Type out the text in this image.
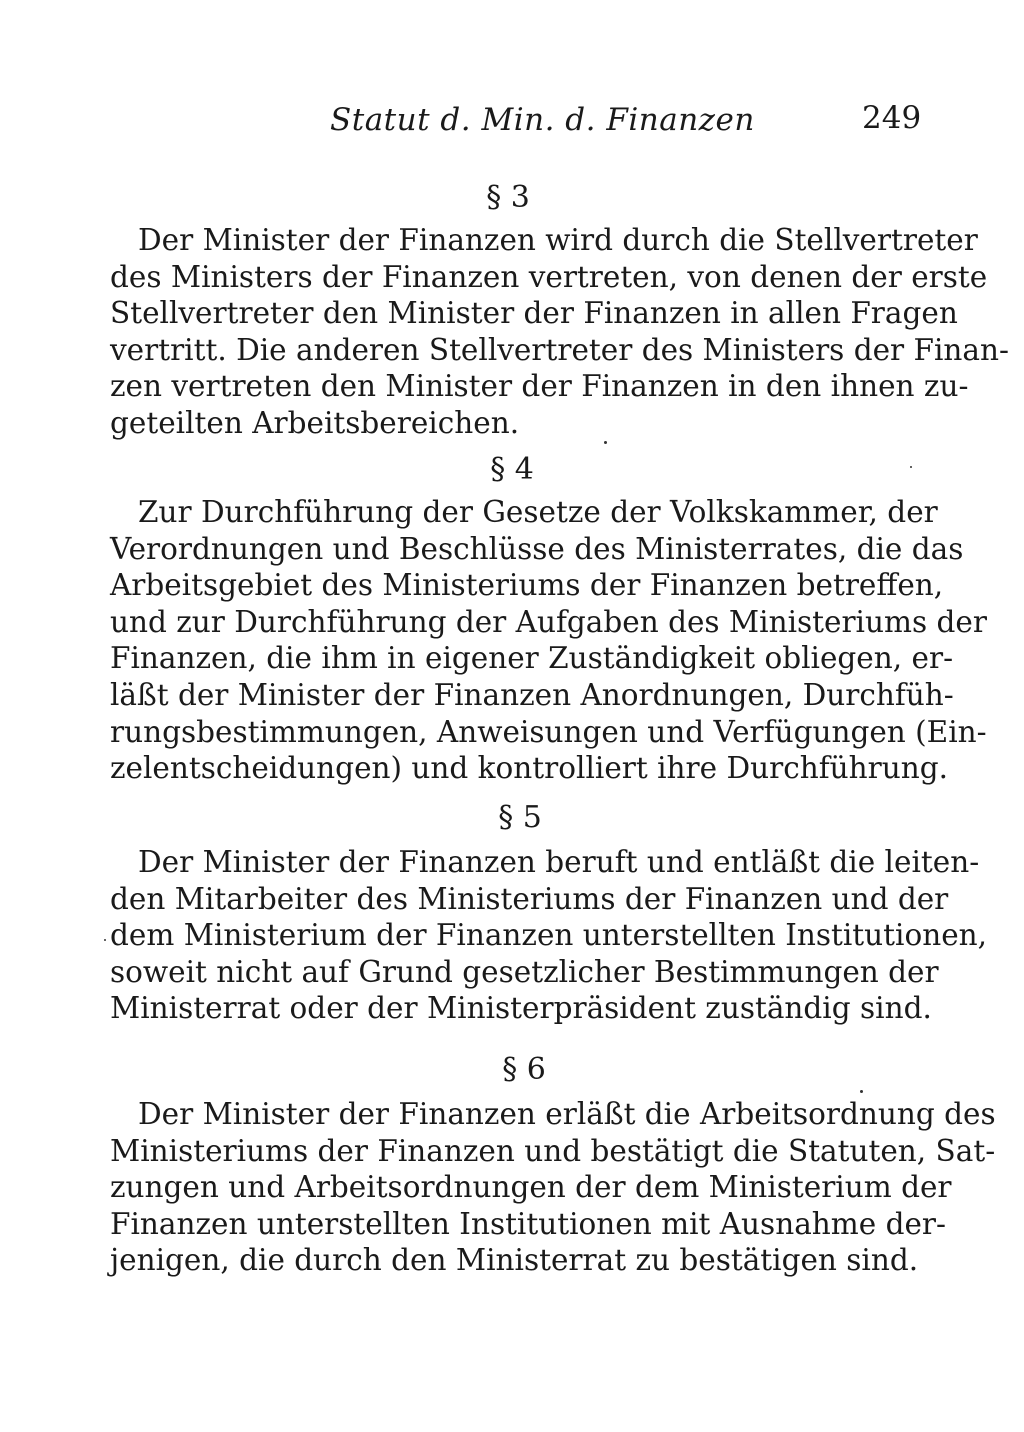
Statut d. Min. d. Finanzen	249
§ 3
Der Minister der Finanzen wird durch die Stellvertreter
des Ministers der Finanzen vertreten, von denen der erste
Stellvertreter den Minister der Finanzen in allen Fragen
vertritt. Die anderen Stellvertreter des Ministers der Finan-
zen vertreten den Minister der Finanzen in den ihnen zu-
geteilten Arbeitsbereichen.
§ 4
Zur Durchführung der Gesetze der Volkskammer, der
Verordnungen und Beschlüsse des Ministerrates, die das
Arbeitsgebiet des Ministeriums der Finanzen betreffen,
und zur Durchführung der Aufgaben des Ministeriums der
Finanzen, die ihm in eigener Zuständigkeit obliegen, er-
läßt der Minister der Finanzen Anordnungen, Durchfüh-
rungsbestimmungen, Anweisungen und Verfügungen (Ein-
zelentscheidungen) und kontrolliert ihre Durchführung.
§ 5
Der Minister der Finanzen beruft und entläßt die leiten-
den Mitarbeiter des Ministeriums der Finanzen und der
dem Ministerium der Finanzen unterstellten Institutionen,
soweit nicht auf Grund gesetzlicher Bestimmungen der
Ministerrat oder der Ministerpräsident zuständig sind.
§ 6
Der Minister der Finanzen erläßt die Arbeitsordnung des
Ministeriums der Finanzen und bestätigt die Statuten, Sat-
zungen und Arbeitsordnungen der dem Ministerium der
Finanzen unterstellten Institutionen mit Ausnahme der-
jenigen, die durch den Ministerrat zu bestätigen sind.
